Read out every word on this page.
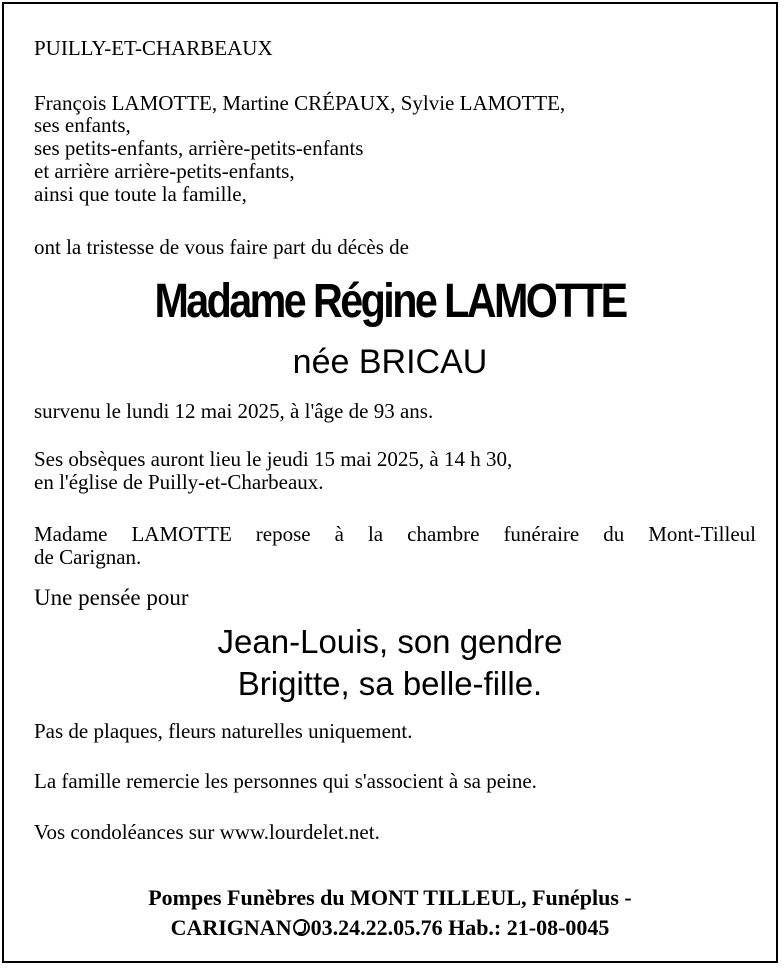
PUILLY-ET-CHARBEAUX
François LAMOTTE, Martine CRÉPAUX, Sylvie LAMOTTE,
ses enfants,
ses petits-enfants, arrière-petits-enfants
et arrière arrière-petits-enfants,
ainsi que toute la famille,
ont la tristesse de vous faire part du décès de
Madame Régine LAMOTTE
née BRICAU
survenu le lundi 12 mai 2025, à l'âge de 93 ans.
Ses obsèques auront lieu le jeudi 15 mai 2025, à 14 h 30,
en l'église de Puilly-et-Charbeaux.
Madame LAMOTTE repose à la chambre funéraire du Mont-Tilleul
de Carignan.
Une pensée pour
Jean-Louis, son gendre
Brigitte, sa belle-fille.
Pas de plaques, fleurs naturelles uniquement.
La famille remercie les personnes qui s'associent à sa peine.
Vos condoléances sur www.lourdelet.net.
Pompes Funèbres du MONT TILLEUL, Funéplus -
CARIGNAN 03.24.22.05.76 Hab.: 21-08-0045
